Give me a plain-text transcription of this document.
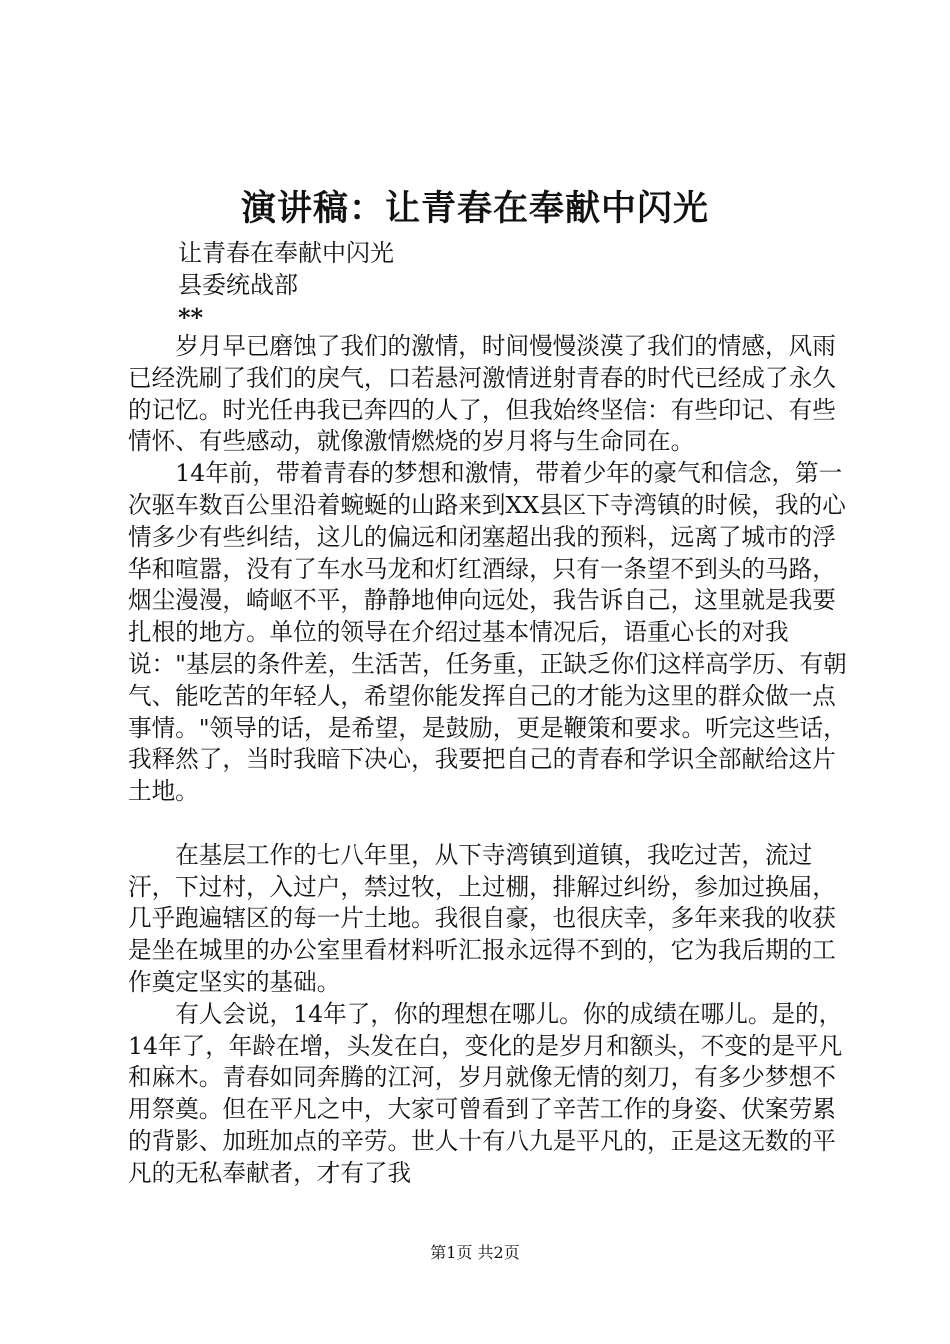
演讲稿：让青春在奉献中闪光
让青春在奉献中闪光
县委统战部
**

岁月早已磨蚀了我们的激情，时间慢慢淡漠了我们的情感，风雨已经洗刷了我们的戾气，口若悬河激情迸射青春的时代已经成了永久的记忆。时光任冉我已奔四的人了，但我始终坚信：有些印记、有些情怀、有些感动，就像激情燃烧的岁月将与生命同在。

14年前，带着青春的梦想和激情，带着少年的豪气和信念，第一次驱车数百公里沿着蜿蜒的山路来到XX县区下寺湾镇的时候，我的心情多少有些纠结，这儿的偏远和闭塞超出我的预料，远离了城市的浮华和喧嚣，没有了车水马龙和灯红酒绿，只有一条望不到头的马路，烟尘漫漫，崎岖不平，静静地伸向远处，我告诉自己，这里就是我要扎根的地方。单位的领导在介绍过基本情况后，语重心长的对我说："基层的条件差，生活苦，任务重，正缺乏你们这样高学历、有朝气、能吃苦的年轻人，希望你能发挥自己的才能为这里的群众做一点事情。"领导的话，是希望，是鼓励，更是鞭策和要求。听完这些话，我释然了，当时我暗下决心，我要把自己的青春和学识全部献给这片土地。

在基层工作的七八年里，从下寺湾镇到道镇，我吃过苦，流过汗，下过村，入过户，禁过牧，上过棚，排解过纠纷，参加过换届，几乎跑遍辖区的每一片土地。我很自豪，也很庆幸，多年来我的收获是坐在城里的办公室里看材料听汇报永远得不到的，它为我后期的工作奠定坚实的基础。

有人会说，14年了，你的理想在哪儿。你的成绩在哪儿。是的，14年了，年龄在增，头发在白，变化的是岁月和额头，不变的是平凡和麻木。青春如同奔腾的江河，岁月就像无情的刻刀，有多少梦想不用祭奠。但在平凡之中，大家可曾看到了辛苦工作的身姿、伏案劳累的背影、加班加点的辛劳。世人十有八九是平凡的，正是这无数的平凡的无私奉献者，才有了我

第1页 共2页
